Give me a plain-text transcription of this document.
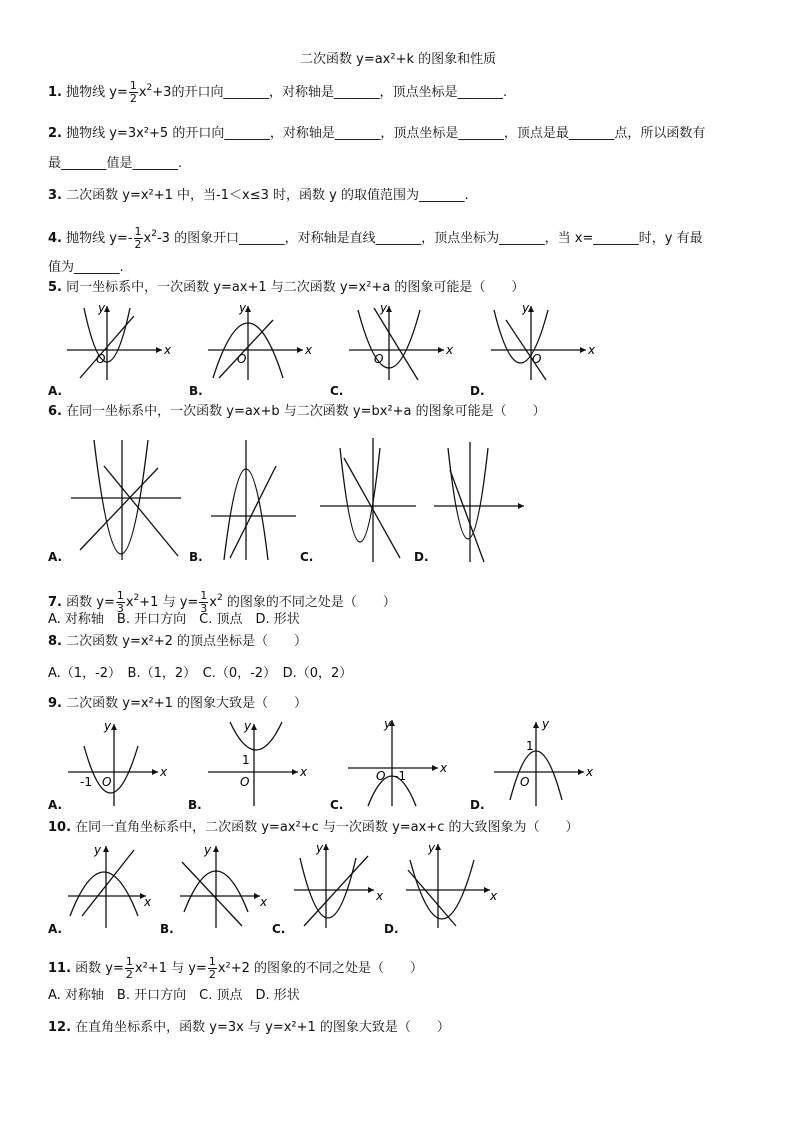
二次函数 y=ax²+k 的图象和性质
1. 抛物线 $y= \frac{1}{2} x^2+3$的开口向_______，对称轴是_______，顶点坐标是_______.
2. 抛物线 y=3x²+5 的开口向_______，对称轴是_______，顶点坐标是_______，顶点是最_______点，所以函数有
最_______值是_______.
3. 二次函数 y=x²+1 中，当-1＜x≤3 时，函数 y 的取值范围为_______.
4. 抛物线 $y=- \frac{1}{2} x^2-3$ 的图象开口_______，对称轴是直线_______，顶点坐标为_______，当 x=_______时，y 有最
值为_______.
5. 同一坐标系中，一次函数 y=ax+1 与二次函数 y=x²+a 的图象可能是（　　）
O
x
y
O
x
y
O
x
y
O
x
y
A.	B.	C.	D.
6. 在同一坐标系中，一次函数 y=ax+b 与二次函数 y=bx²+a 的图象可能是（　　）
A.	B.	C.	D.
7. 函数 $y= \frac{1}{3} x^2+1$ 与 $y= \frac{1}{3} x^2$ 的图象的不同之处是（　　）
A. 对称轴　B. 开口方向　C. 顶点　D. 形状
8. 二次函数 y=x²+2 的顶点坐标是（　　）
A.（1，-2）　B.（1，2）　C.（0，-2）　D.（0，2）
9. 二次函数 y=x²+1 的图象大致是（　　）
-1 O
x
y
1
O
x
y
O -1
x
y
1
O
x
y
A.	B.	C.	D.
10. 在同一直角坐标系中，二次函数 y=ax²+c 与一次函数 y=ax+c 的大致图象为（　　）
x
y
x
y
x
y
x
y
A.	B.	C.	D.
11. 函数 $y= \frac{1}{2} x^2+1$ 与 $y= \frac{1}{2} x^2+2$ 的图象的不同之处是（　　）
A. 对称轴　B. 开口方向　C. 顶点　D. 形状
12. 在直角坐标系中，函数 y=3x 与 y=x²+1 的图象大致是（　　）
